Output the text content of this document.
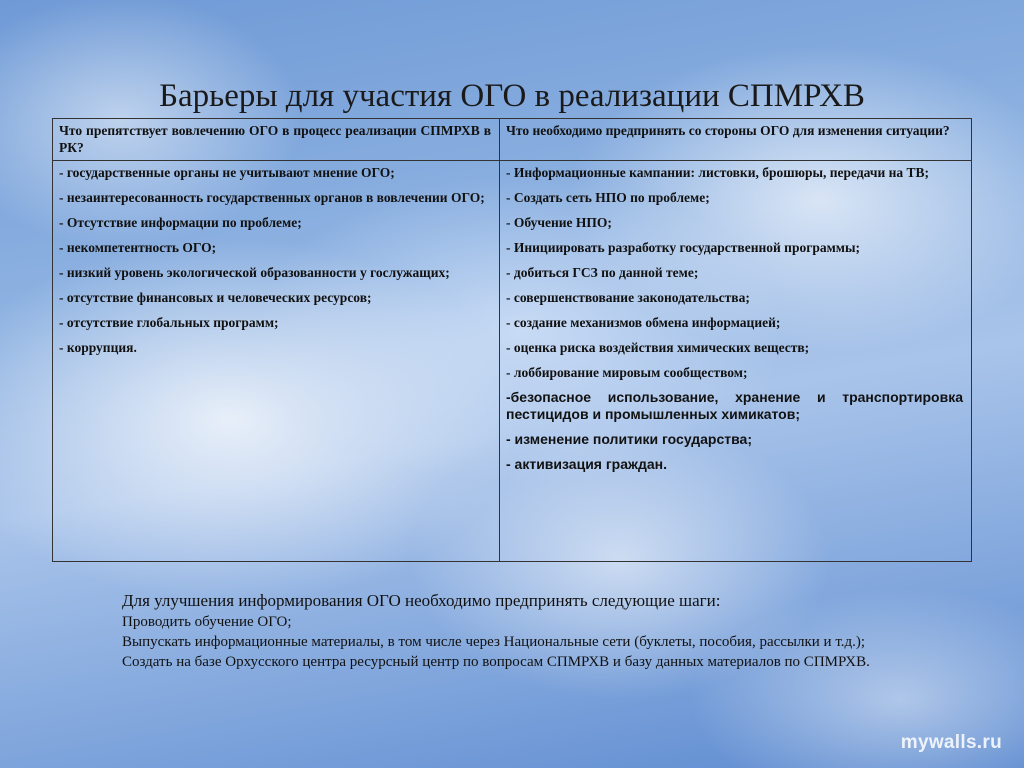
Барьеры для участия ОГО в реализации СПМРХВ

Что препятствует вовлечению ОГО в процесс реализации СПМРХВ в РК?

Что необходимо предпринять со стороны ОГО для изменения ситуации?

- государственные органы не учитывают мнение ОГО;

- незаинтересованность государственных органов в вовлечении ОГО;

- Отсутствие информации по проблеме;

- некомпетентность ОГО;

- низкий уровень экологической образованности у гослужащих;

- отсутствие финансовых и человеческих ресурсов;

- отсутствие глобальных программ;

- коррупция.

- Информационные кампании: листовки, брошюры, передачи на ТВ;

- Создать сеть НПО по проблеме;

- Обучение НПО;

- Инициировать разработку государственной программы;

- добиться ГСЗ по данной теме;

- совершенствование законодательства;

- создание механизмов обмена информацией;

- оценка риска воздействия химических веществ;

- лоббирование мировым сообществом;

-безопасное использование, хранение и транспортировка пестицидов и промышленных химикатов;

- изменение политики государства;

- активизация граждан.

Для улучшения информирования ОГО необходимо предпринять следующие шаги:
Проводить обучение ОГО;
Выпускать информационные материалы, в том числе через Национальные сети (буклеты, пособия, рассылки и т.д.);
Создать на базе Орхусского центра ресурсный центр по вопросам СПМРХВ и базу данных материалов по СПМРХВ.
mywalls.ru
